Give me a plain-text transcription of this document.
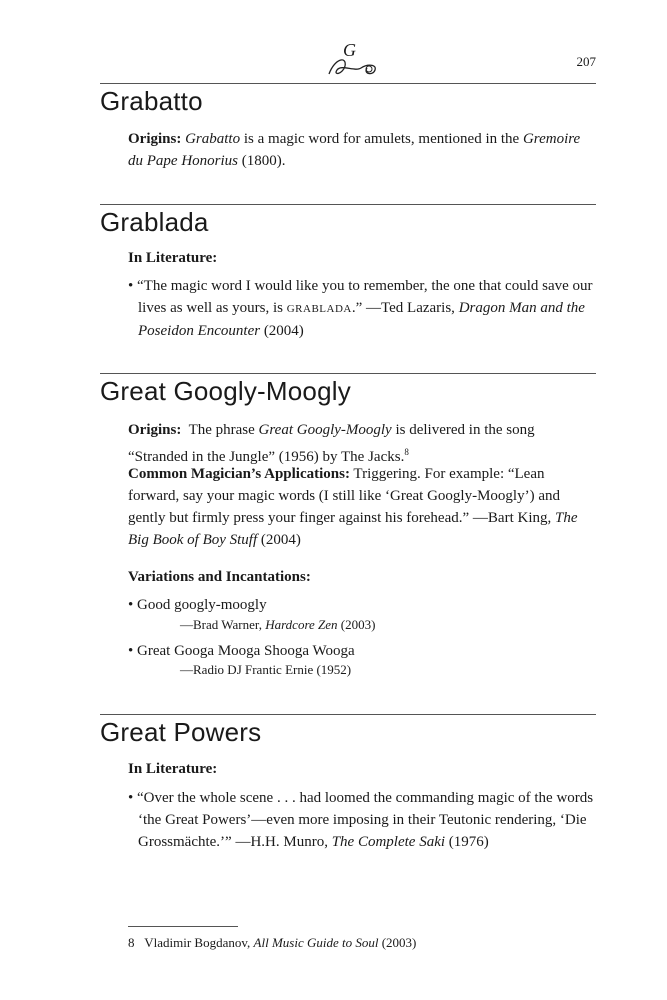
G
207
Grabatto
Origins: Grabatto is a magic word for amulets, mentioned in the Gremoire du Pape Honorius (1800).
Grablada
In Literature:
• “The magic word I would like you to remember, the one that could save our lives as well as yours, is GRABLADA.” —Ted Lazaris, Dragon Man and the Poseidon Encounter (2004)
Great Googly-Moogly
Origins: The phrase Great Googly-Moogly is delivered in the song “Stranded in the Jungle” (1956) by The Jacks.$^8$
Common Magician’s Applications: Triggering. For example: “Lean forward, say your magic words (I still like ‘Great Googly-Moogly’) and gently but firmly press your finger against his forehead.” —Bart King, The Big Book of Boy Stuff (2004)
Variations and Incantations:
• Good googly-moogly
—Brad Warner, Hardcore Zen (2003)
• Great Googa Mooga Shooga Wooga
—Radio DJ Frantic Ernie (1952)
Great Powers
In Literature:
• “Over the whole scene . . . had loomed the commanding magic of the words ‘the Great Powers’—even more imposing in their Teutonic rendering, ‘Die Grossmächte.’” —H.H. Munro, The Complete Saki (1976)
8 Vladimir Bogdanov, All Music Guide to Soul (2003)
